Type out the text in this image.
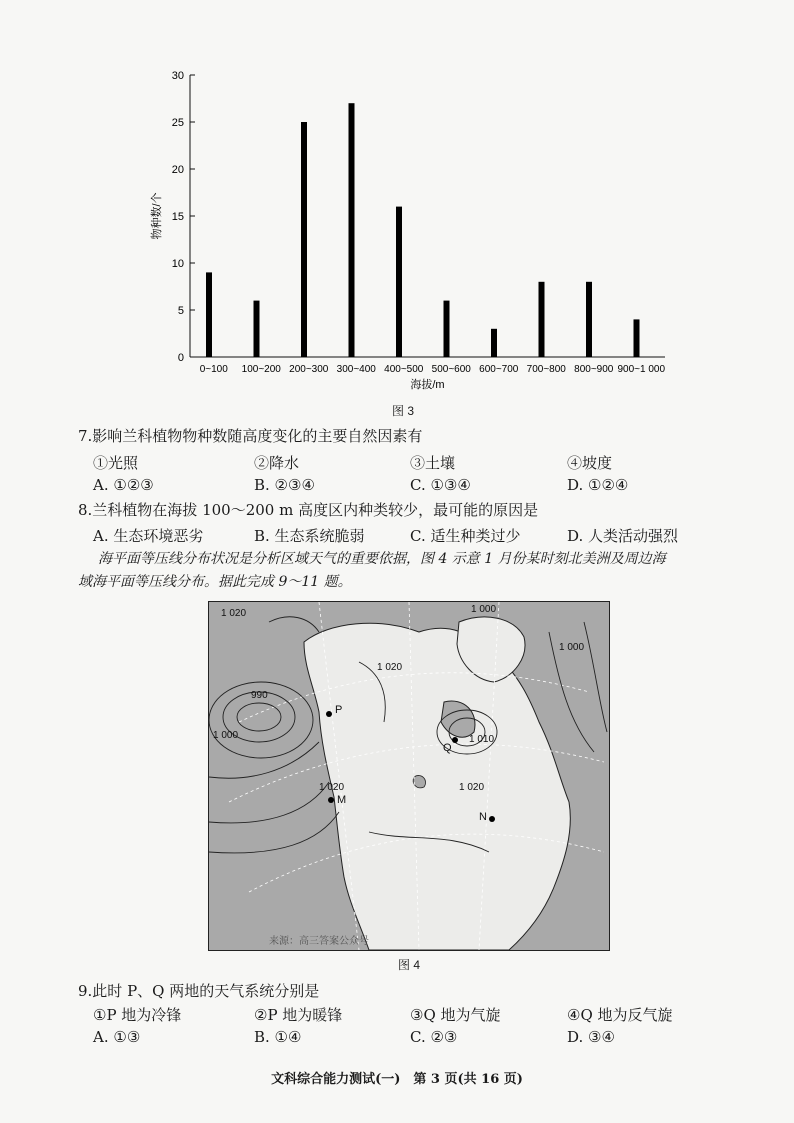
0
5
10
15
20
25
30
0~100 100~200 200~300 300~400 400~500 500~600 600~700 700~800 800~900 900~1 000
海拔/m
物种数/个
图 3
7.影响兰科植物物种数随高度变化的主要自然因素有
①光照	②降水	③土壤	④坡度
A. ①②③	B. ②③④	C. ①③④	D. ①②④
8.兰科植物在海拔 100～200 m 高度区内种类较少，最可能的原因是
A. 生态环境恶劣	B. 生态系统脆弱	C. 适生种类过少	D. 人类活动强烈
海平面等压线分布状况是分析区域天气的重要依据，图 4 示意 1 月份某时刻北美洲及周边海
域海平面等压线分布。据此完成 9～11 题。
1 020	1 000
990
1 000
1 020
1 020
1 010
1 000
1 020
P
Q
M
N
来源：高三答案公众号
图 4
9.此时 P、Q 两地的天气系统分别是
①P 地为冷锋	②P 地为暖锋	③Q 地为气旋	④Q 地为反气旋
A. ①③	B. ①④	C. ②③	D. ③④
文科综合能力测试(一)　第 3 页(共 16 页)
